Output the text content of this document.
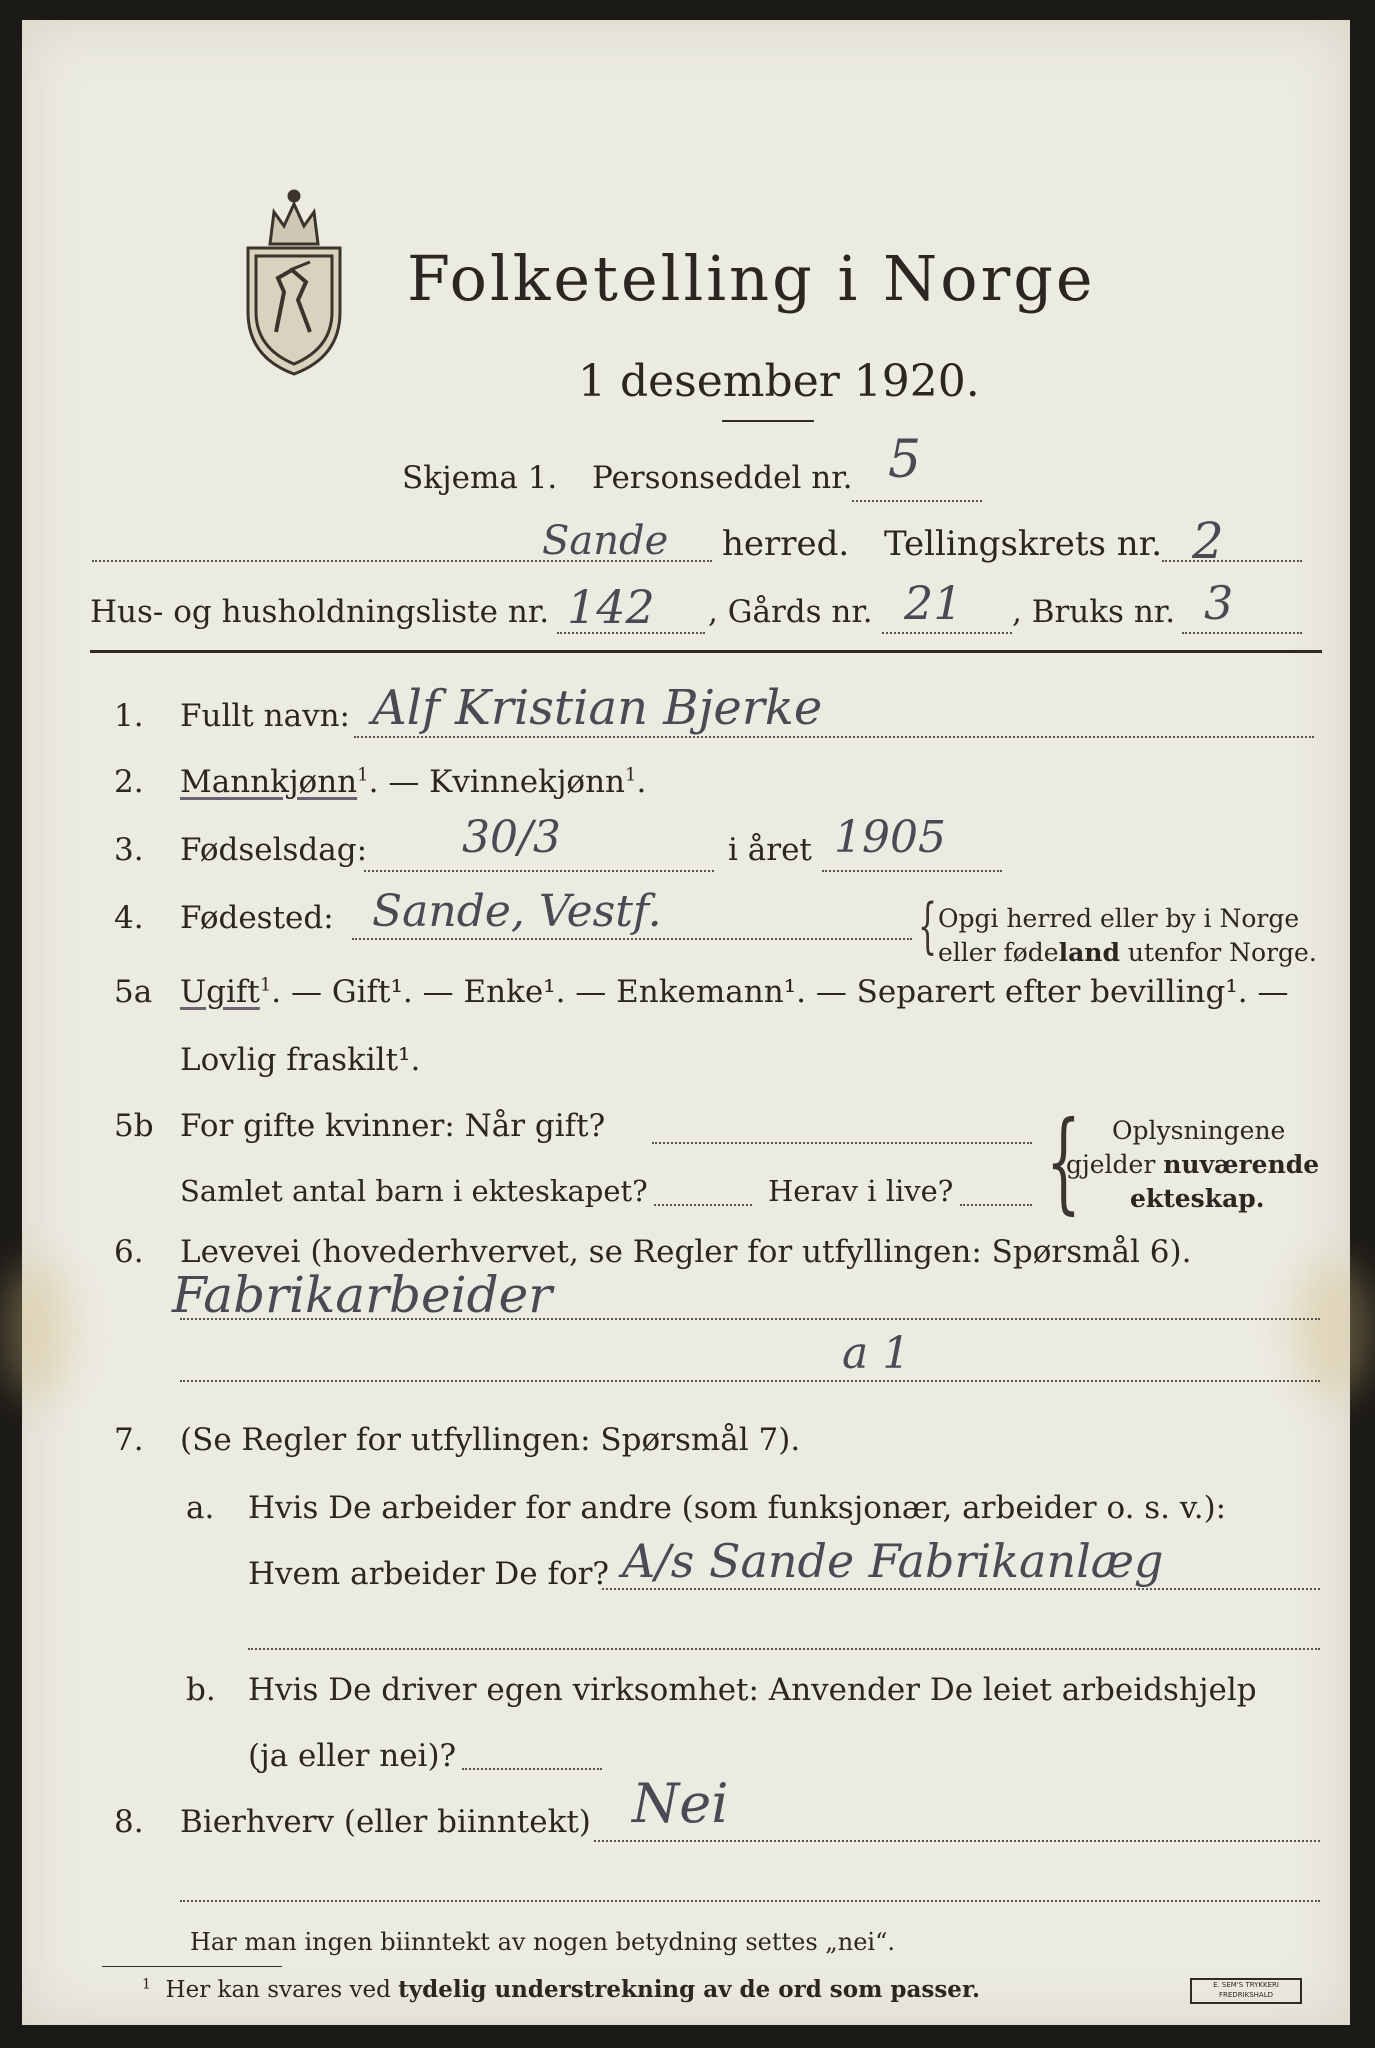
Folketelling i Norge
1 desember 1920.
Skjema 1. Personseddel nr. 5
Sande herred. Tellingskrets nr. 2
Hus- og husholdningsliste nr. 142 , Gårds nr. 21 , Bruks nr. 3
1. Fullt navn: Alf Kristian Bjerke
2. Mannkjønn$^1$. — Kvinnekjønn$^1$.
3. Fødselsdag: 30/3	i året 1905
4. Fødested: Sande, Vestf.	{ Opgi herred eller by i Norge
eller fødeland utenfor Norge.
5a Ugift$^1$. — Gift¹. — Enke¹. — Enkemann¹. — Separert efter bevilling¹. —
Lovlig fraskilt¹.
5b For gifte kvinner: Når gift?
Samlet antal barn i ekteskapet?	Herav i live? { Oplysningene
gjelder nuværende
ekteskap.
6. Levevei (hovederhvervet, se Regler for utfyllingen: Spørsmål 6).
Fabrikarbeider
a 1
7. (Se Regler for utfyllingen: Spørsmål 7).
a. Hvis De arbeider for andre (som funksjonær, arbeider o. s. v.):
Hvem arbeider De for? A/s Sande Fabrikanlæg
b. Hvis De driver egen virksomhet: Anvender De leiet arbeidshjelp
(ja eller nei)?
8. Bierhverv (eller biinntekt) Nei
Har man ingen biinntekt av nogen betydning settes „nei“.
$^1$ Her kan svares ved tydelig understrekning av de ord som passer.	E. SEM'S TRYKKERI FREDRIKSHALD
